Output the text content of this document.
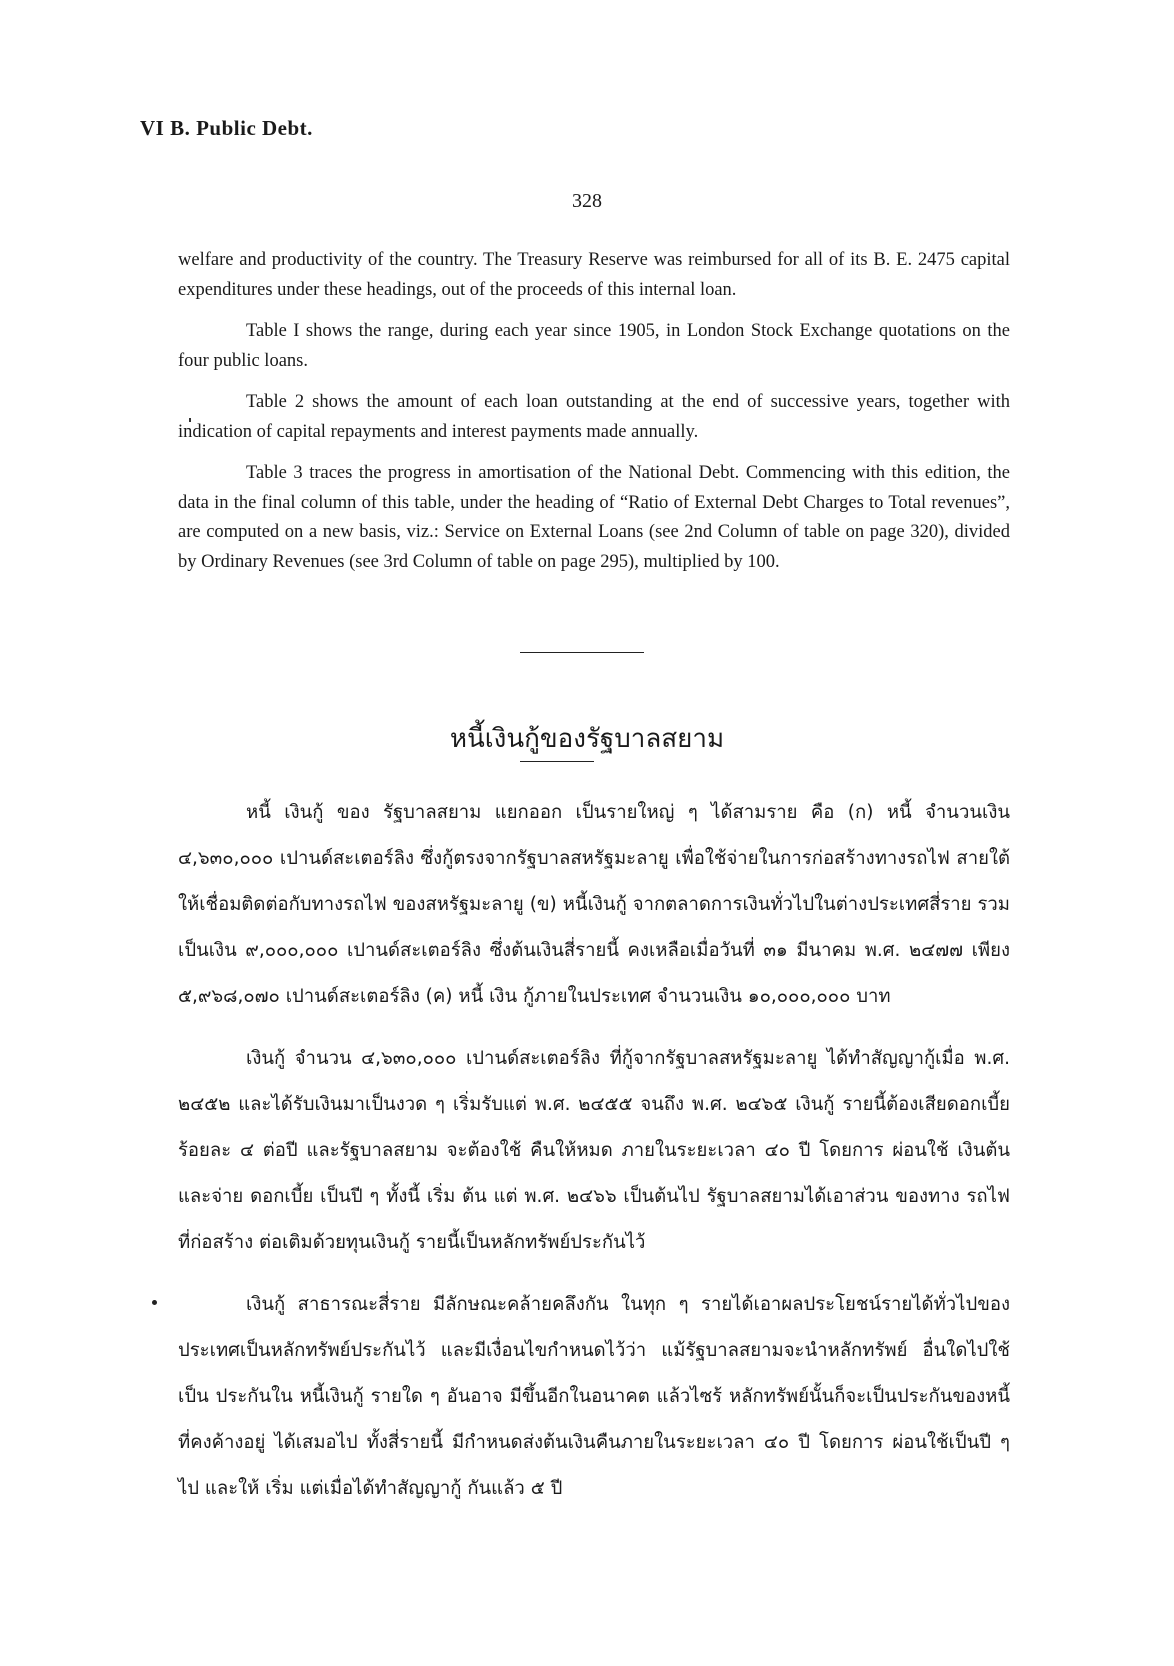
VI B. Public Debt.
328

welfare and productivity of the country. The Treasury Reserve was reimbursed for all of its B. E. 2475 capital expenditures under these headings, out of the proceeds of this internal loan.

Table I shows the range, during each year since 1905, in London Stock Exchange quotations on the four public loans.

Table 2 shows the amount of each loan outstanding at the end of successive years, together with indication of capital repayments and interest payments made annually.

Table 3 traces the progress in amortisation of the National Debt. Commencing with this edition, the data in the final column of this table, under the heading of “Ratio of External Debt Charges to Total revenues”, are computed on a new basis, viz.: Service on External Loans (see 2nd Column of table on page 320), divided by Ordinary Revenues (see 3rd Column of table on page 295), multiplied by 100.

หนี้เงินกู้ของรัฐบาลสยาม

หนี้ เงินกู้ ของ รัฐบาลสยาม แยกออก เป็นรายใหญ่ ๆ ได้สามราย คือ (ก) หนี้ จำนวนเงิน ๔,๖๓๐,๐๐๐ เปานด์สะเตอร์ลิง ซึ่งกู้ตรงจากรัฐบาลสหรัฐมะลายู เพื่อใช้จ่ายในการก่อสร้างทางรถไฟ สายใต้ให้เชื่อมติดต่อกับทางรถไฟ ของสหรัฐมะลายู (ข) หนี้เงินกู้ จากตลาดการเงินทั่วไปในต่างประเทศสี่ราย รวมเป็นเงิน ๙,๐๐๐,๐๐๐ เปานด์สะเตอร์ลิง ซึ่งต้นเงินสี่รายนี้ คงเหลือเมื่อวันที่ ๓๑ มีนาคม พ.ศ. ๒๔๗๗ เพียง ๕,๙๖๘,๐๗๐ เปานด์สะเตอร์ลิง (ค) หนี้ เงิน กู้ภายในประเทศ จำนวนเงิน ๑๐,๐๐๐,๐๐๐ บาท

เงินกู้ จำนวน ๔,๖๓๐,๐๐๐ เปานด์สะเตอร์ลิง ที่กู้จากรัฐบาลสหรัฐมะลายู ได้ทำสัญญากู้เมื่อ พ.ศ. ๒๔๕๒ และได้รับเงินมาเป็นงวด ๆ เริ่มรับแต่ พ.ศ. ๒๔๕๕ จนถึง พ.ศ. ๒๔๖๕ เงินกู้ รายนี้ต้องเสียดอกเบี้ยร้อยละ ๔ ต่อปี และรัฐบาลสยาม จะต้องใช้ คืนให้หมด ภายในระยะเวลา ๔๐ ปี โดยการ ผ่อนใช้ เงินต้น และจ่าย ดอกเบี้ย เป็นปี ๆ ทั้งนี้ เริ่ม ต้น แต่ พ.ศ. ๒๔๖๖ เป็นต้นไป รัฐบาลสยามได้เอาส่วน ของทาง รถไฟ ที่ก่อสร้าง ต่อเติมด้วยทุนเงินกู้ รายนี้เป็นหลักทรัพย์ประกันไว้

เงินกู้ สาธารณะสี่ราย มีลักษณะคล้ายคลึงกัน ในทุก ๆ รายได้เอาผลประโยชน์รายได้ทั่วไปของประเทศเป็นหลักทรัพย์ประกันไว้ และมีเงื่อนไขกำหนดไว้ว่า แม้รัฐบาลสยามจะนำหลักทรัพย์ อื่นใดไปใช้เป็น ประกันใน หนี้เงินกู้ รายใด ๆ อันอาจ มีขึ้นอีกในอนาคต แล้วไซร้ หลักทรัพย์นั้นก็จะเป็นประกันของหนี้ที่คงค้างอยู่ ได้เสมอไป ทั้งสี่รายนี้ มีกำหนดส่งต้นเงินคืนภายในระยะเวลา ๔๐ ปี โดยการ ผ่อนใช้เป็นปี ๆ ไป และให้ เริ่ม แต่เมื่อได้ทำสัญญากู้ กันแล้ว ๕ ปี
